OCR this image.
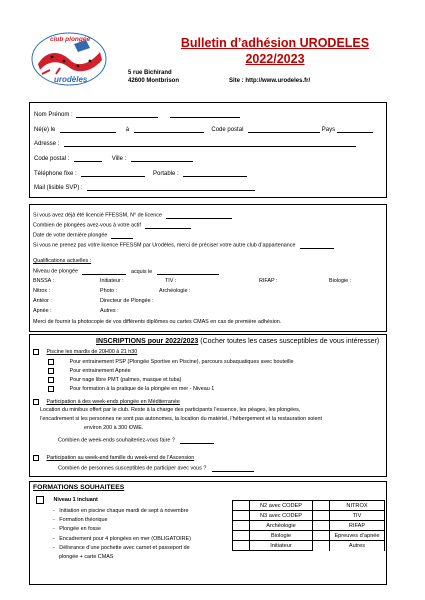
club plongée
urodèles
Bulletin d’adhésion URODELES
2022/2023
5 rue Bichirand
42600 Montbrison	Site : http://www.urodeles.fr/
Nom Prénom :
Né(e) le	à	Code postal	Pays
Adresse :
Code postal :	Ville :
Téléphone fixe :	Portable :
Mail (lisible SVP) :
Si vous avez déjà été licencié FFESSM, N° de licence
Combien de plongées avez-vous à votre actif
Date de votre dernière plongée
Si vous ne prenez pas votre licence FFESSM par Urodèles, merci de préciser votre autre club d’appartenance
Qualifications actuelles :
Niveau de plongée	acquis le
BNSSA :	Initiateur :	TIV :	RIFAP :	Biologie :
Nitrox :	Photo :	Archéologie :
Antéor :	Directeur de Plongée :
Apnée :	Autres :
Merci de fournir la photocopie de vos différents diplômes ou cartes CMAS en cas de première adhésion.
INSCRIPTIONS pour 2022/2023 (Cocher toutes les cases susceptibles de vous intéresser)
Piscine les mardis de 20H00 à 21 h30
Pour entrainement PSP (Plongée Sportive en Piscine), parcours subaquatiques avec bouteille
Pour entrainement Apnée
Pour nage libre PMT (palmes, masque et tuba)
Pour formation à la pratique de la plongée en mer - Niveau 1
Participation à des week-ends plongée en Méditerranée
Location du minibus offert par le club. Reste à la charge des participants l’essence, les péages, les plongées,
l’encadrement si les personnes ne sont pas autonomes, la location du matériel, l’hébergement et la restauration soient
environ 200 à 300 €/WE.
Combien de week-ends souhaiteriez-vous faire ?
Participation au week-end famille du week-end de l’Ascension
Combien de personnes susceptibles de participer avec vous ?
FORMATIONS SOUHAITEES
Niveau 1 incluant
-   Initiation en piscine chaque mardi de sept à novembre
-   Formation théorique
-   Plongée en fosse
-   Encadrement pour 4 plongées en mer (OBLIGATOIRE)
-   Délivrance d’une pochette avec carnet et passeport de
plongée + carte CMAS
	N2 avec CODEP		NITROX
	N3 avec CODEP		TIV
	Archéologie		RIFAP
	Biologie		Epreuves d’apnée
	Initiateur		Autres
